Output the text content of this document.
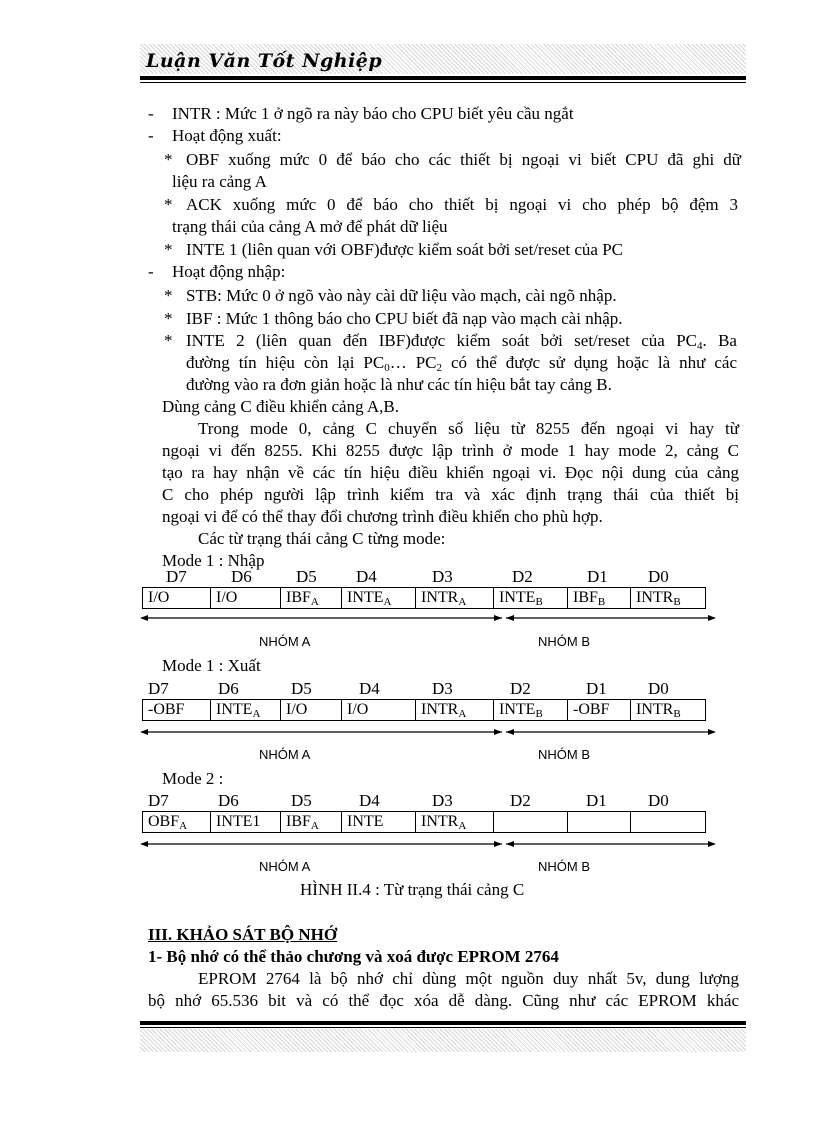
Luận Văn Tốt Nghiệp
- INTR : Mức 1 ở ngõ ra này báo cho CPU biết yêu cầu ngắt
- Hoạt động xuất:
* OBF xuống mức 0 để báo cho các thiết bị ngoại vi biết CPU đã ghi dữ
liệu ra cảng A
* ACK xuống mức 0 để báo cho thiết bị ngoại vi cho phép bộ đệm 3
trạng thái của cảng A mở để phát dữ liệu
* INTE 1 (liên quan với OBF)được kiểm soát bởi set/reset của PC
- Hoạt động nhập:
* STB: Mức 0 ở ngõ vào này cài dữ liệu vào mạch, cài ngõ nhập.
* IBF : Mức 1 thông báo cho CPU biết đã nạp vào mạch cài nhập.
* INTE 2 (liên quan đến IBF)được kiểm soát bởi set/reset của $PC_4$. Ba
đường tín hiệu còn lại $PC_0\dots$ $PC_2$ có thể được sử dụng hoặc là như các
đường vào ra đơn giản hoặc là như các tín hiệu bắt tay cảng B.
Dùng cảng C điều khiển cảng A,B.
Trong mode 0, cảng C chuyển số liệu từ 8255 đến ngoại vi hay từ
ngoại vi đến 8255. Khi 8255 được lập trình ở mode 1 hay mode 2, cảng C
tạo ra hay nhận về các tín hiệu điều khiển ngoại vi. Đọc nội dung của cảng
C cho phép người lập trình kiểm tra và xác định trạng thái của thiết bị
ngoại vi để có thể thay đổi chương trình điều khiển cho phù hợp.
Các từ trạng thái cảng C từng mode:
Mode 1 : Nhập
D7	D6	D5 D4	D3	D2	D1 D0
I/O	I/O	$IBF_A$	$INTE_A$	$INTR_A$	$INTE_B$	$IBF_B$	$INTR_B$
NHÓM A	NHÓM B
Mode 1 : Xuất
D7	D6	D5	D4	D3	D2	D1 D0
-OBF	$INTE_A$	I/O	I/O	$INTR_A$	$INTE_B$	-OBF	$INTR_B$
NHÓM A	NHÓM B
Mode 2 :
D7	D6	D5	D4	D3	D2	D1 D0
$OBF_A$	INTE1	$IBF_A$	INTE	$INTR_A$
NHÓM A	NHÓM B
HÌNH II.4 : Từ trạng thái cảng C
III. KHẢO SÁT BỘ NHỚ
1- Bộ nhớ có thể thảo chương và xoá được EPROM 2764
EPROM 2764 là bộ nhớ chỉ dùng một nguồn duy nhất 5v, dung lượng
bộ nhớ 65.536 bit và có thể đọc xóa dễ dàng. Cũng như các EPROM khác
